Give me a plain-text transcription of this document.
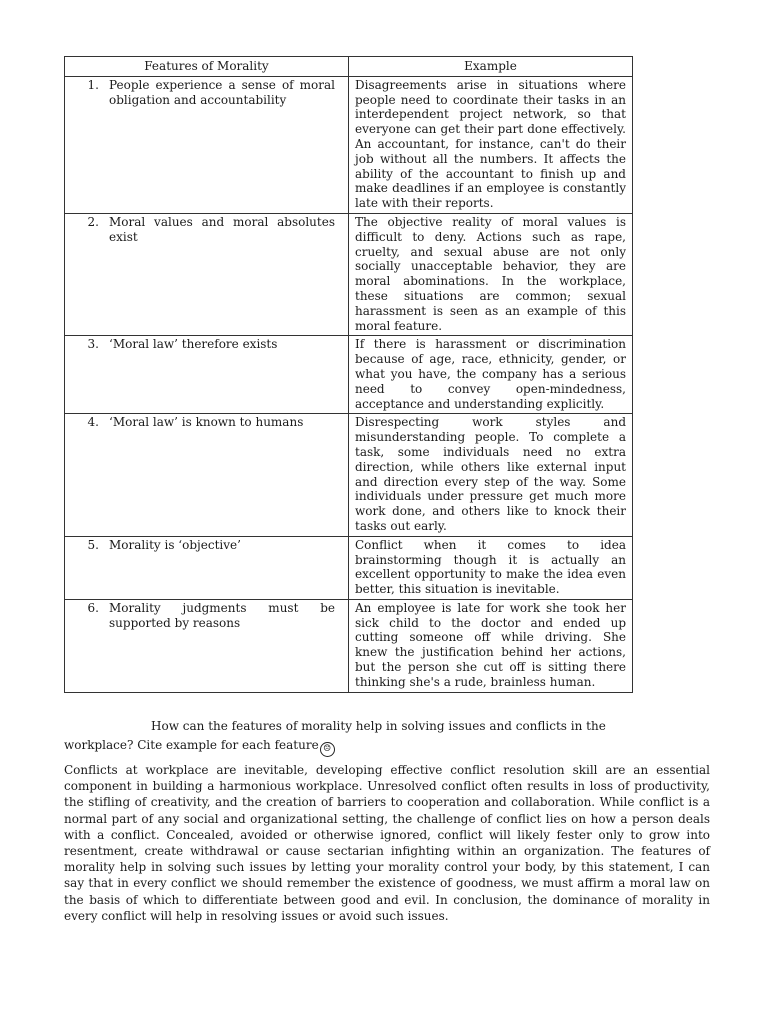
Features of Morality	Example
1. People experience a sense of moral obligation and accountability	Disagreements arise in situations where people need to coordinate their tasks in an interdependent project network, so that everyone can get their part done effectively. An accountant, for instance, can't do their job without all the numbers. It affects the ability of the accountant to finish up and make deadlines if an employee is constantly late with their reports.
2. Moral values and moral absolutes exist	The objective reality of moral values is difficult to deny. Actions such as rape, cruelty, and sexual abuse are not only socially unacceptable behavior, they are moral abominations. In the workplace, these situations are common; sexual harassment is seen as an example of this moral feature.
3. ‘Moral law’ therefore exists	If there is harassment or discrimination because of age, race, ethnicity, gender, or what you have, the company has a serious need to convey open-mindedness, acceptance and understanding explicitly.
4. ‘Moral law’ is known to humans	Disrespecting work styles and misunderstanding people. To complete a task, some individuals need no extra direction, while others like external input and direction every step of the way. Some individuals under pressure get much more work done, and others like to knock their tasks out early.
5. Morality is ‘objective’	Conflict when it comes to idea brainstorming though it is actually an excellent opportunity to make the idea even better, this situation is inevitable.
6. Morality judgments must be supported by reasons	An employee is late for work she took her sick child to the doctor and ended up cutting someone off while driving. She knew the justification behind her actions, but the person she cut off is sitting there thinking she's a rude, brainless human.
How can the features of morality help in solving issues and conflicts in the workplace? Cite example for each feature ☹

Conflicts at workplace are inevitable, developing effective conflict resolution skill are an essential component in building a harmonious workplace. Unresolved conflict often results in loss of productivity, the stifling of creativity, and the creation of barriers to cooperation and collaboration. While conflict is a normal part of any social and organizational setting, the challenge of conflict lies on how a person deals with a conflict. Concealed, avoided or otherwise ignored, conflict will likely fester only to grow into resentment, create withdrawal or cause sectarian infighting within an organization. The features of morality help in solving such issues by letting your morality control your body, by this statement, I can say that in every conflict we should remember the existence of goodness, we must affirm a moral law on the basis of which to differentiate between good and evil. In conclusion, the dominance of morality in every conflict will help in resolving issues or avoid such issues.
